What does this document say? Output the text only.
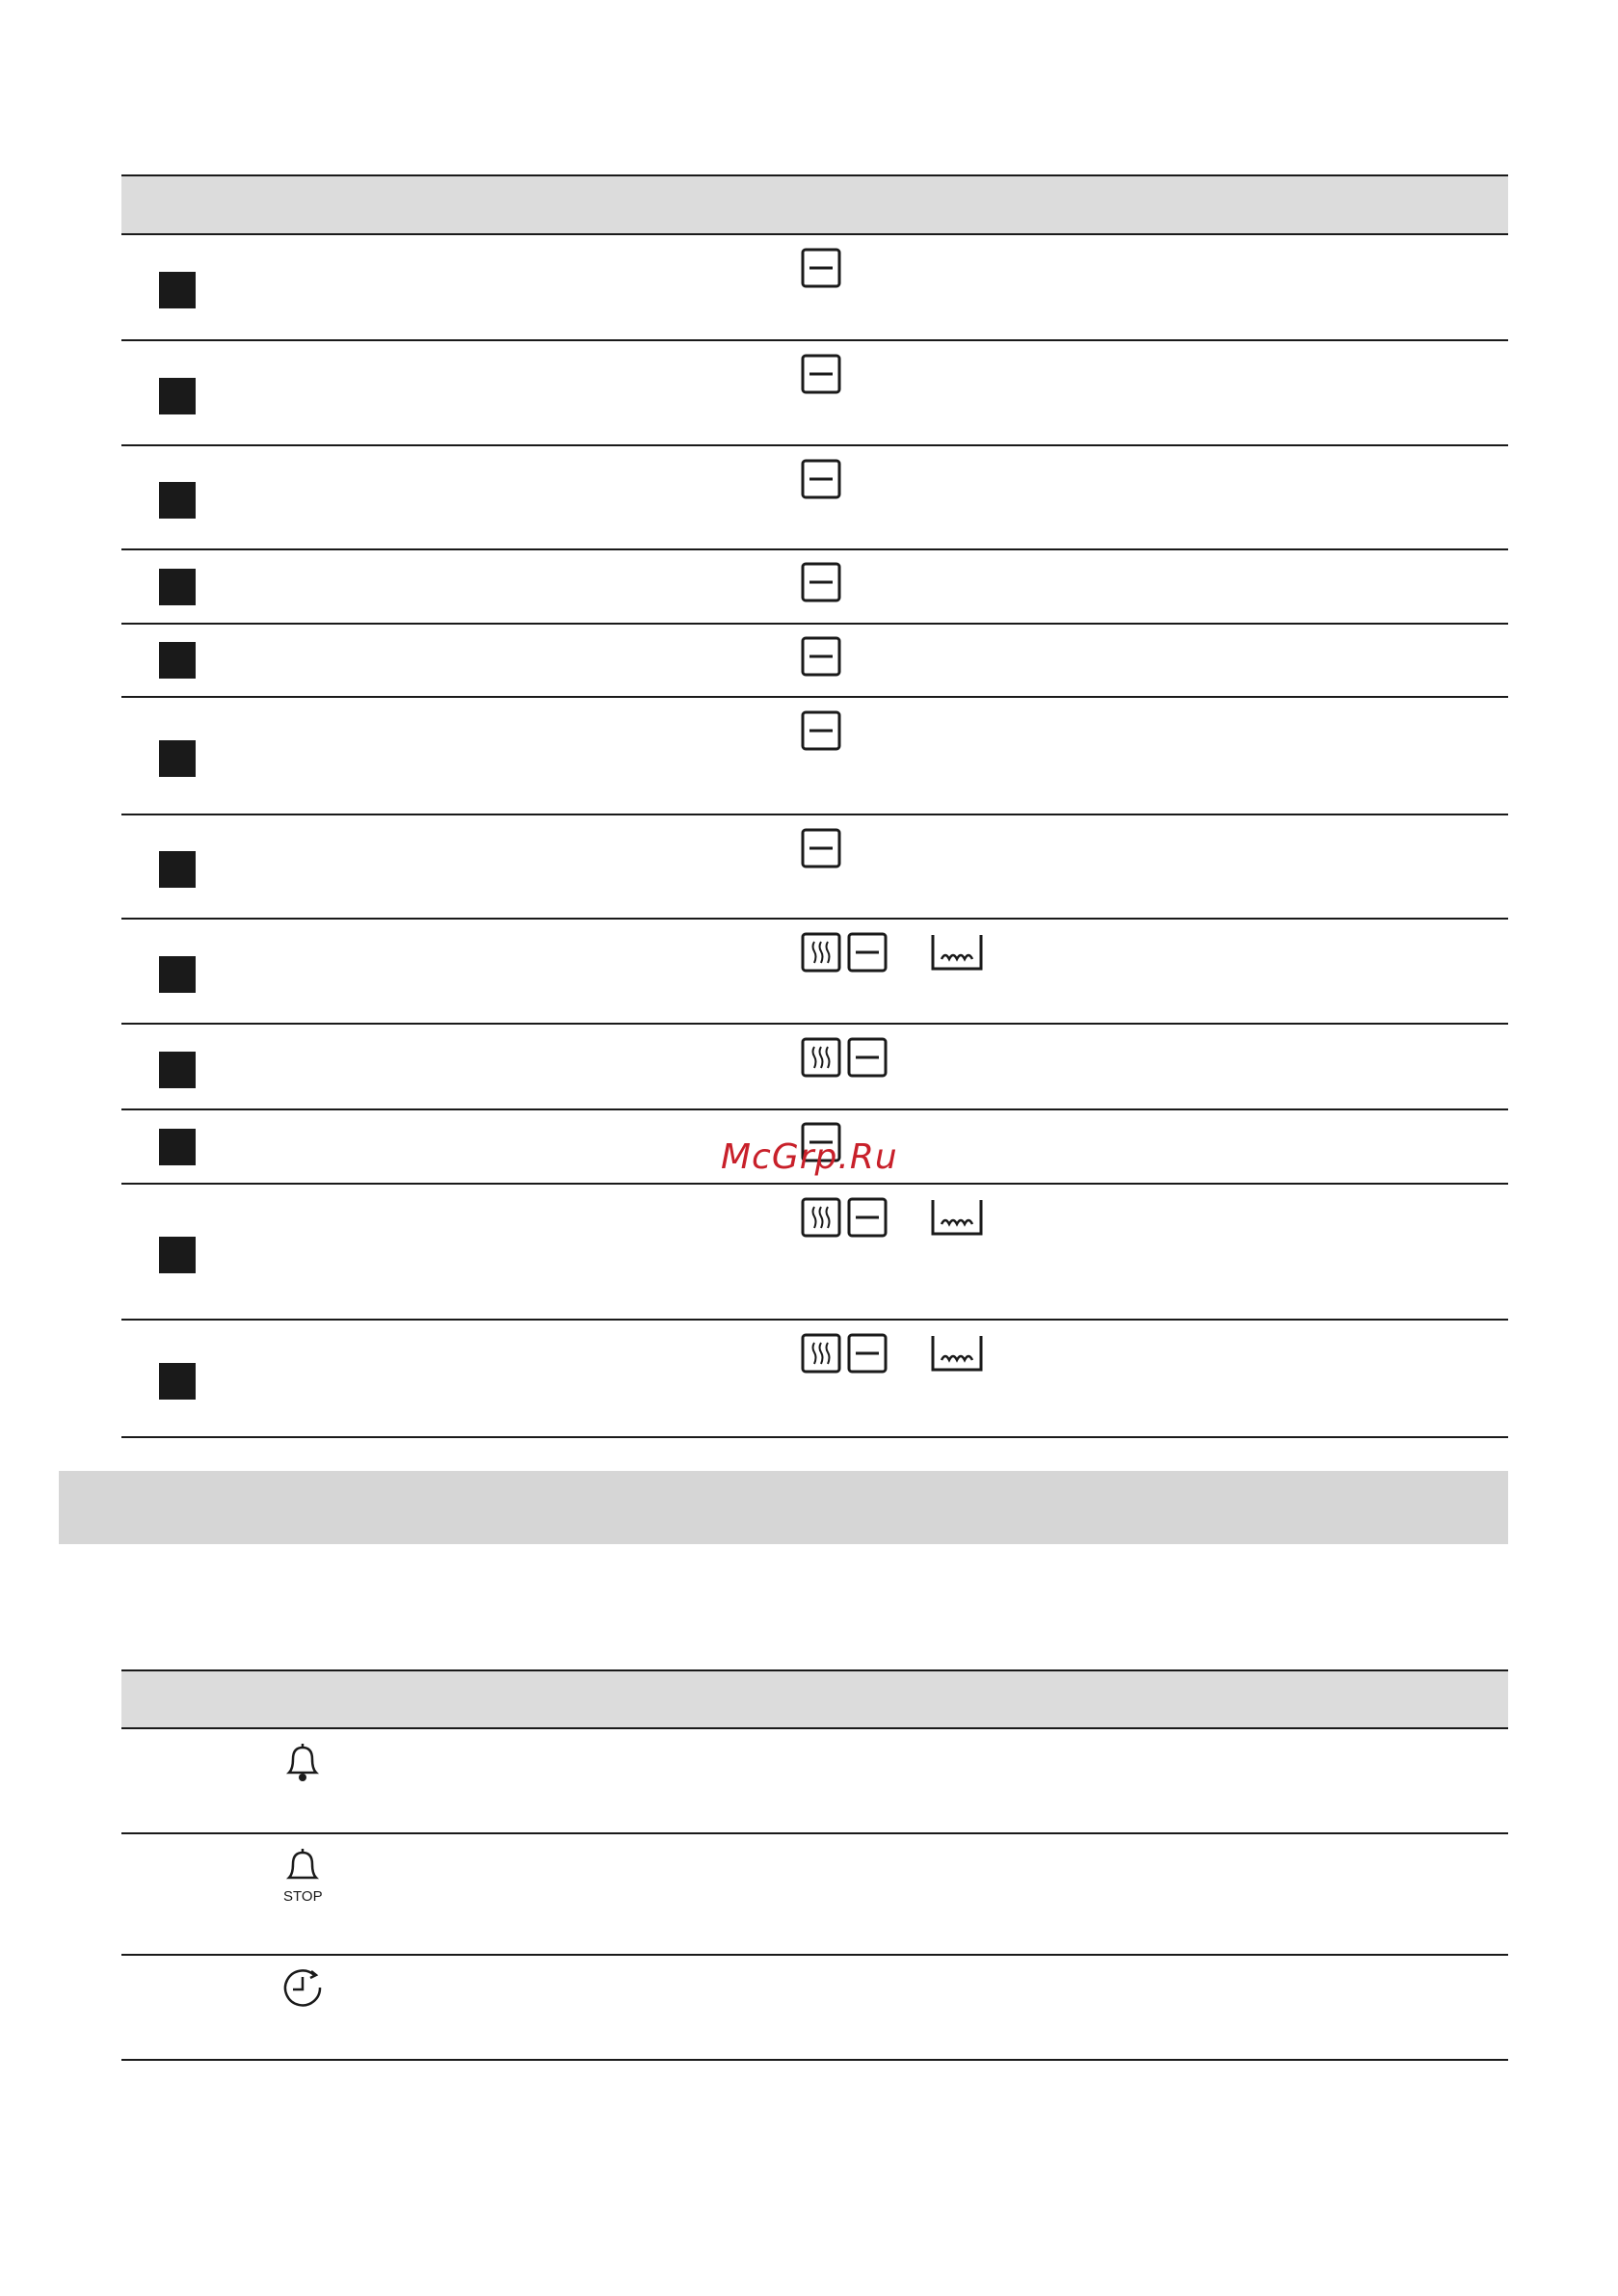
McGrp.Ru
STOP
